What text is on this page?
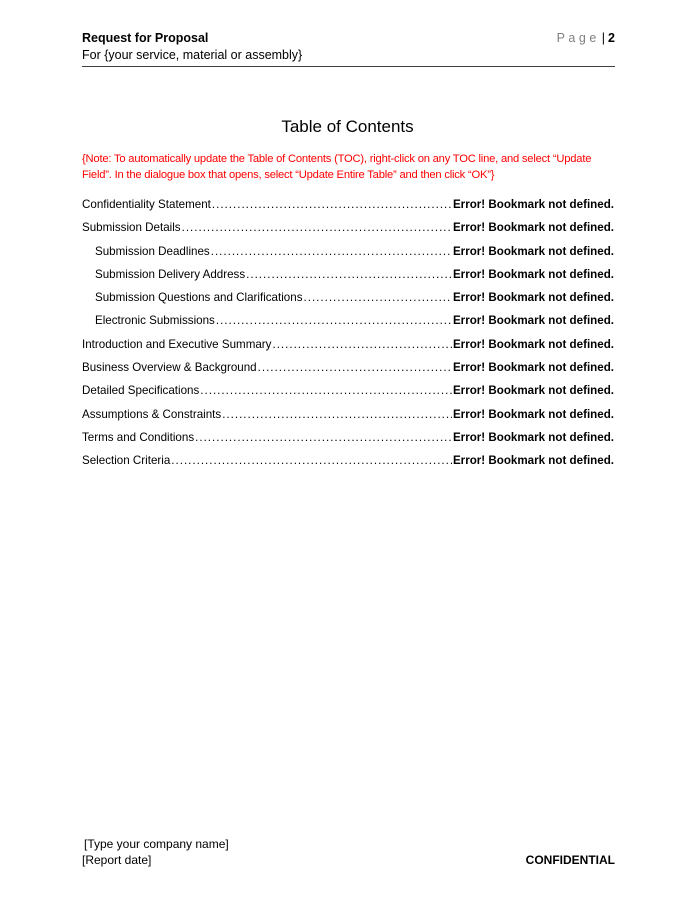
Request for Proposal
For {your service, material or assembly}
Page | 2
Table of Contents
{Note: To automatically update the Table of Contents (TOC), right-click on any TOC line, and select “Update Field”. In the dialogue box that opens, select “Update Entire Table” and then click “OK”}
Confidentiality Statement .....	Error! Bookmark not defined.
Submission Details .....	Error! Bookmark not defined.
Submission Deadlines .....	Error! Bookmark not defined.
Submission Delivery Address .....	Error! Bookmark not defined.
Submission Questions and Clarifications .....	Error! Bookmark not defined.
Electronic Submissions .....	Error! Bookmark not defined.
Introduction and Executive Summary .....	Error! Bookmark not defined.
Business Overview & Background .....	Error! Bookmark not defined.
Detailed Specifications .....	Error! Bookmark not defined.
Assumptions & Constraints .....	Error! Bookmark not defined.
Terms and Conditions .....	Error! Bookmark not defined.
Selection Criteria .....	Error! Bookmark not defined.
[Type your company name]
[Report date]	CONFIDENTIAL
